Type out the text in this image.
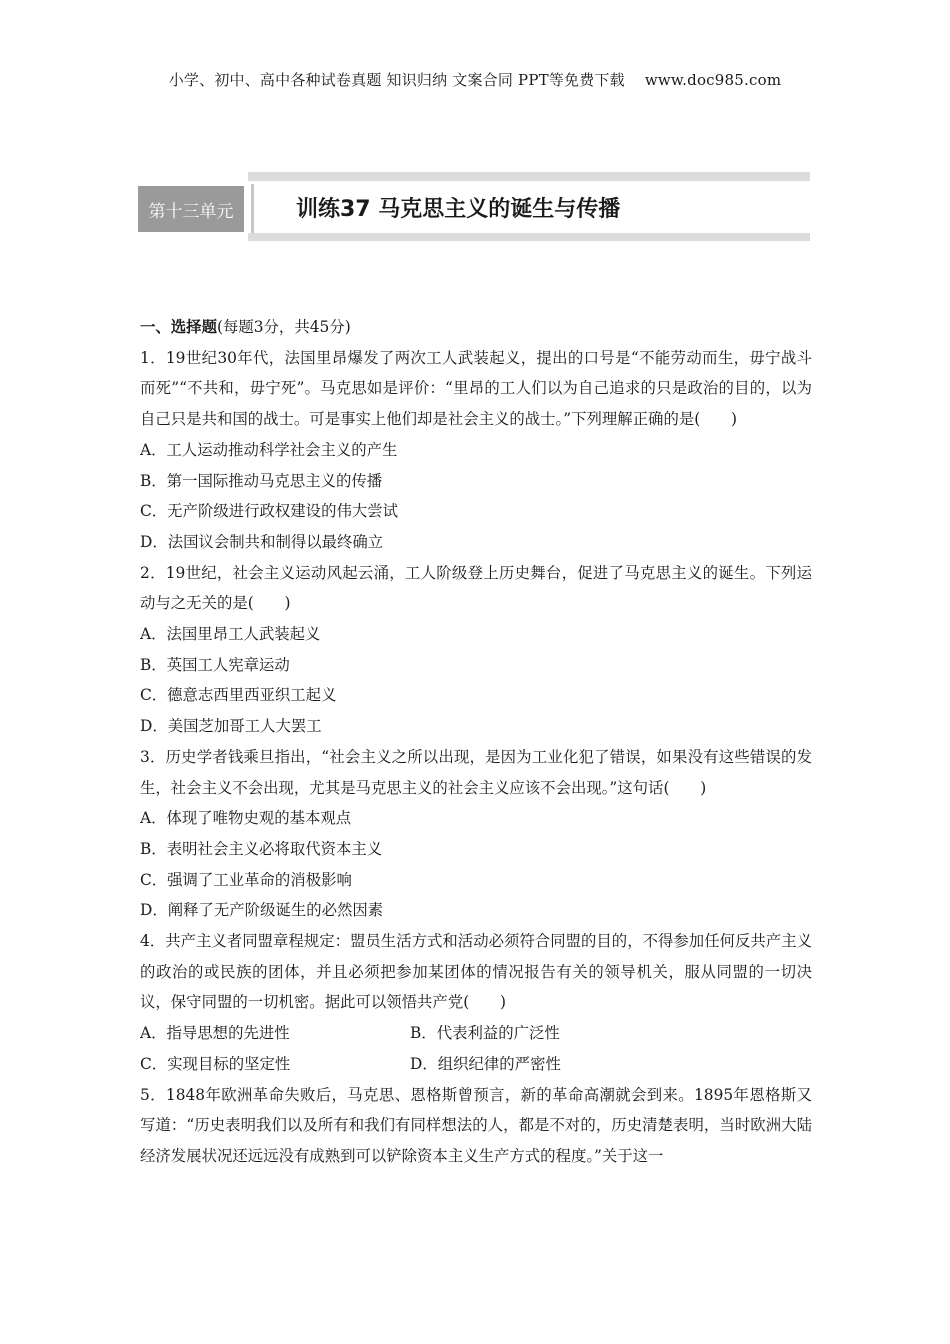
小学、初中、高中各种试卷真题 知识归纳 文案合同 PPT等免费下载 www.doc985.com
第十三单元	训练37 马克思主义的诞生与传播

一、选择题(每题3分，共45分)

1．19世纪30年代，法国里昂爆发了两次工人武装起义，提出的口号是“不能劳动而生，毋宁战斗而死”“不共和，毋宁死”。马克思如是评价：“里昂的工人们以为自己追求的只是政治的目的，以为自己只是共和国的战士。可是事实上他们却是社会主义的战士。”下列理解正确的是(　　)

A．工人运动推动科学社会主义的产生

B．第一国际推动马克思主义的传播

C．无产阶级进行政权建设的伟大尝试

D．法国议会制共和制得以最终确立

2．19世纪，社会主义运动风起云涌，工人阶级登上历史舞台，促进了马克思主义的诞生。下列运动与之无关的是(　　)

A．法国里昂工人武装起义

B．英国工人宪章运动

C．德意志西里西亚织工起义

D．美国芝加哥工人大罢工

3．历史学者钱乘旦指出，“社会主义之所以出现，是因为工业化犯了错误，如果没有这些错误的发生，社会主义不会出现，尤其是马克思主义的社会主义应该不会出现。”这句话(　　)

A．体现了唯物史观的基本观点

B．表明社会主义必将取代资本主义

C．强调了工业革命的消极影响

D．阐释了无产阶级诞生的必然因素

4．共产主义者同盟章程规定：盟员生活方式和活动必须符合同盟的目的，不得参加任何反共产主义的政治的或民族的团体，并且必须把参加某团体的情况报告有关的领导机关，服从同盟的一切决议，保守同盟的一切机密。据此可以领悟共产党(　　)

A．指导思想的先进性	B．代表利益的广泛性

C．实现目标的坚定性	D．组织纪律的严密性

5．1848年欧洲革命失败后，马克思、恩格斯曾预言，新的革命高潮就会到来。1895年恩格斯又写道：“历史表明我们以及所有和我们有同样想法的人，都是不对的，历史清楚表明，当时欧洲大陆经济发展状况还远远没有成熟到可以铲除资本主义生产方式的程度。”关于这一
